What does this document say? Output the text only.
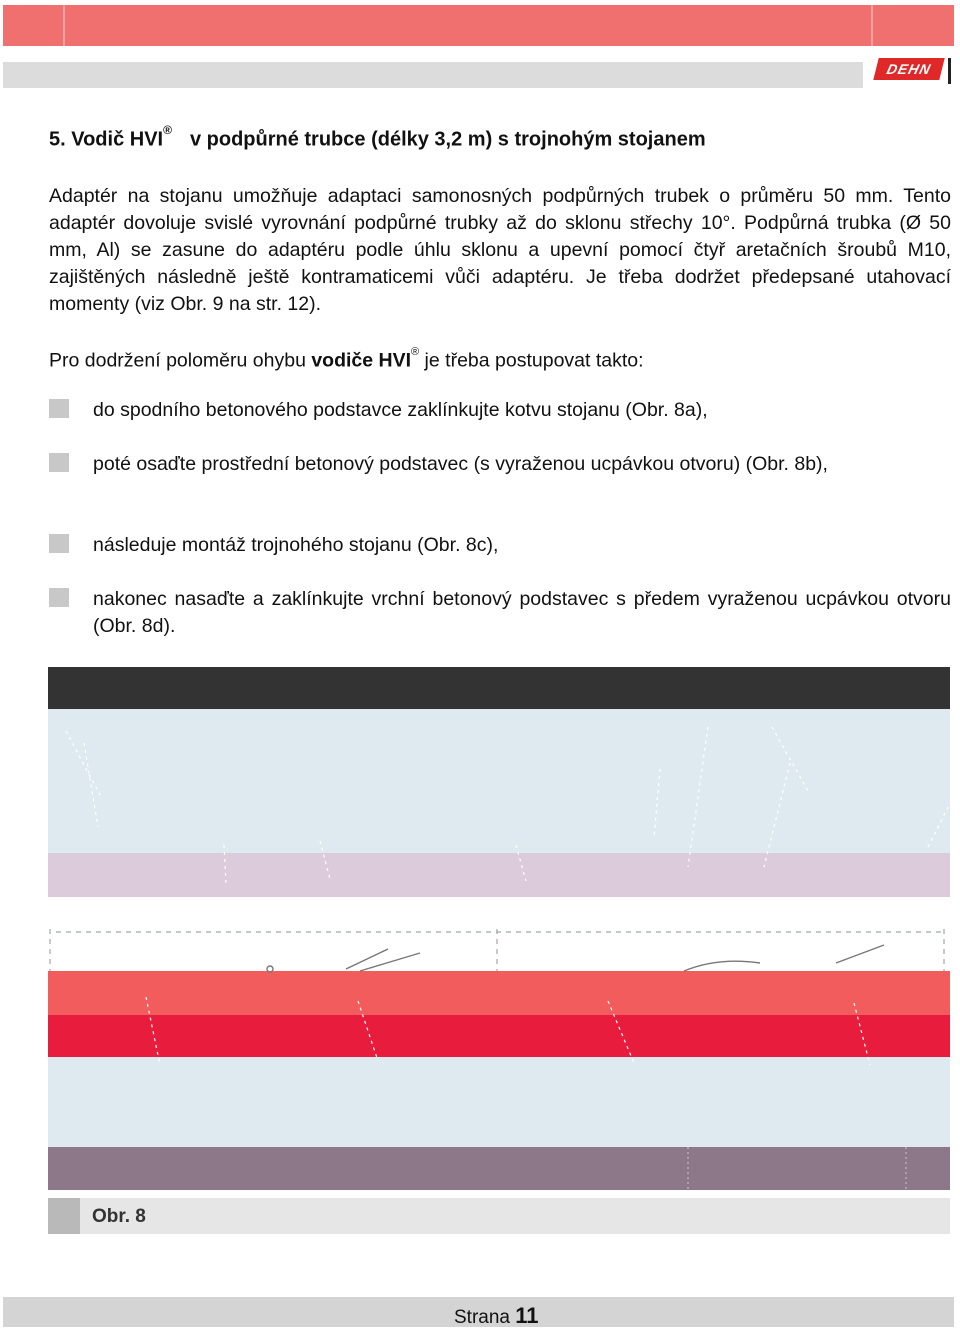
DEHN
5. Vodič HVI® v podpůrné trubce (délky 3,2 m) s trojnohým stojanem

Adaptér na stojanu umožňuje adaptaci samonosných podpůrných trubek o průměru 50 mm. Tento adaptér dovoluje svislé vyrovnání podpůrné trubky až do sklonu střechy 10°. Podpůrná trubka (Ø 50 mm, Al) se zasune do adaptéru podle úhlu sklonu a upevní pomocí čtyř aretačních šroubů M10, zajištěných následně ještě kontramaticemi vůči adaptéru. Je třeba dodržet předepsané utahovací momenty (viz Obr. 9 na str. 12).

Pro dodržení poloměru ohybu vodiče HVI® je třeba postupovat takto:

do spodního betonového podstavce zaklínkujte kotvu stojanu (Obr. 8a),

poté osaďte prostřední betonový podstavec (s vyraženou ucpávkou otvoru) (Obr. 8b),

následuje montáž trojnohého stojanu (Obr. 8c),

nakonec nasaďte a zaklínkujte vrchní betonový podstavec s předem vyraženou ucpávkou otvoru (Obr. 8d).

Obr. 8
Strana 11
